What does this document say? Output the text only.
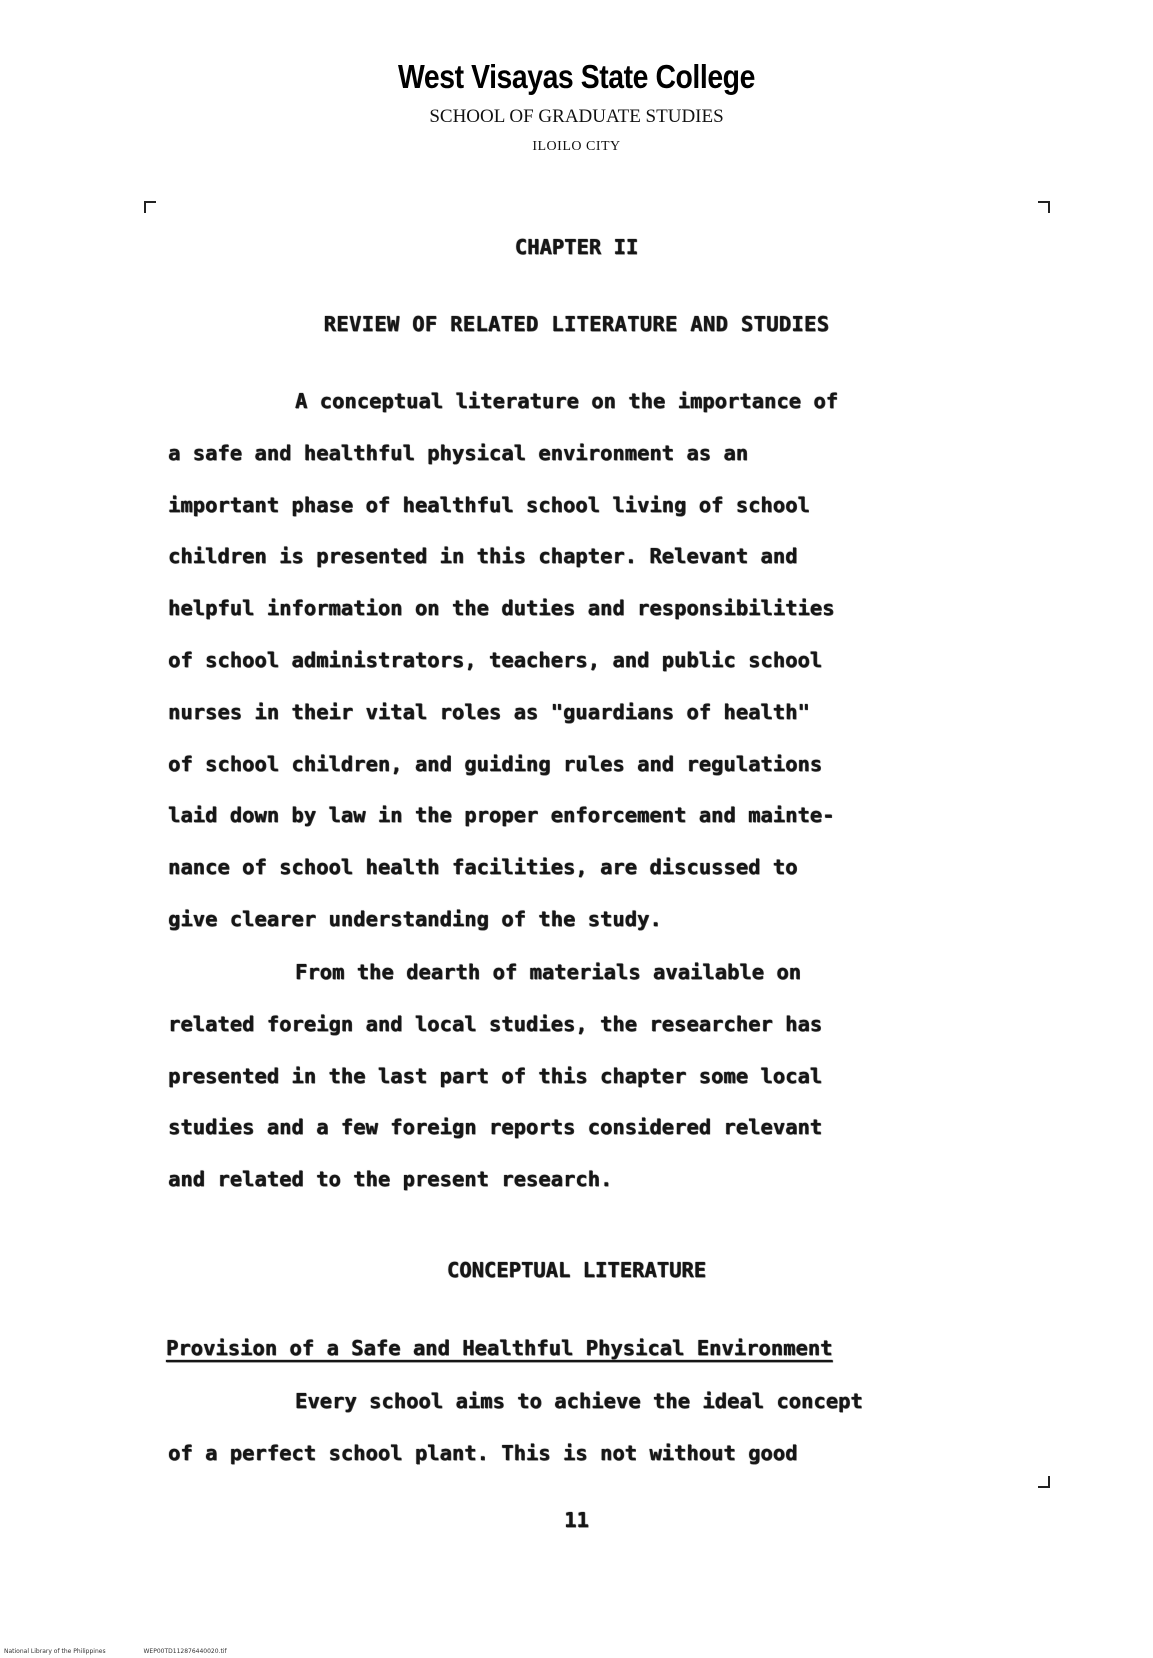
West Visayas State College
SCHOOL OF GRADUATE STUDIES
ILOILO CITY
CHAPTER II
REVIEW OF RELATED LITERATURE AND STUDIES
A conceptual literature on the importance of
a safe and healthful physical environment as an
important phase of healthful school living of school
children is presented in this chapter. Relevant and
helpful information on the duties and responsibilities
of school administrators, teachers, and public school
nurses in their vital roles as "guardians of health"
of school children, and guiding rules and regulations
laid down by law in the proper enforcement and mainte-
nance of school health facilities, are discussed to
give clearer understanding of the study.
From the dearth of materials available on
related foreign and local studies, the researcher has
presented in the last part of this chapter some local
studies and a few foreign reports considered relevant
and related to the present research.
CONCEPTUAL LITERATURE
Provision of a Safe and Healthful Physical Environment
Every school aims to achieve the ideal concept
of a perfect school plant. This is not without good
11
National Library of the Philippines	WEP00TD112876440020.tif
